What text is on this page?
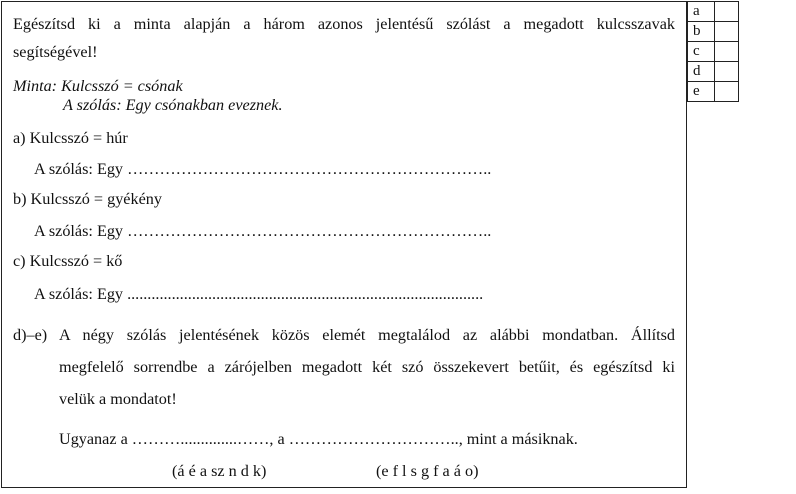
Egészítsd ki a minta alapján a három azonos jelentésű szólást a megadott kulcsszavak
segítségével!
Minta: Kulcsszó = csónak
A szólás: Egy csónakban eveznek.
a) Kulcsszó = húr
A szólás: Egy …………………………………………………………..
b) Kulcsszó = gyékény
A szólás: Egy …………………………………………………………..
c) Kulcsszó = kő
A szólás: Egy ........................................................................................
d)–e) A négy szólás jelentésének közös elemét megtalálod az alábbi mondatban. Állítsd
megfelelő sorrendbe a zárójelben megadott két szó összekevert betűit, és egészítsd ki
velük a mondatot!
Ugyanaz a ………..............……, a ………………………….., mint a másiknak.
(á é a sz n d k)	(e f l s g f a á o)
a	
b	
c	
d	
e	
